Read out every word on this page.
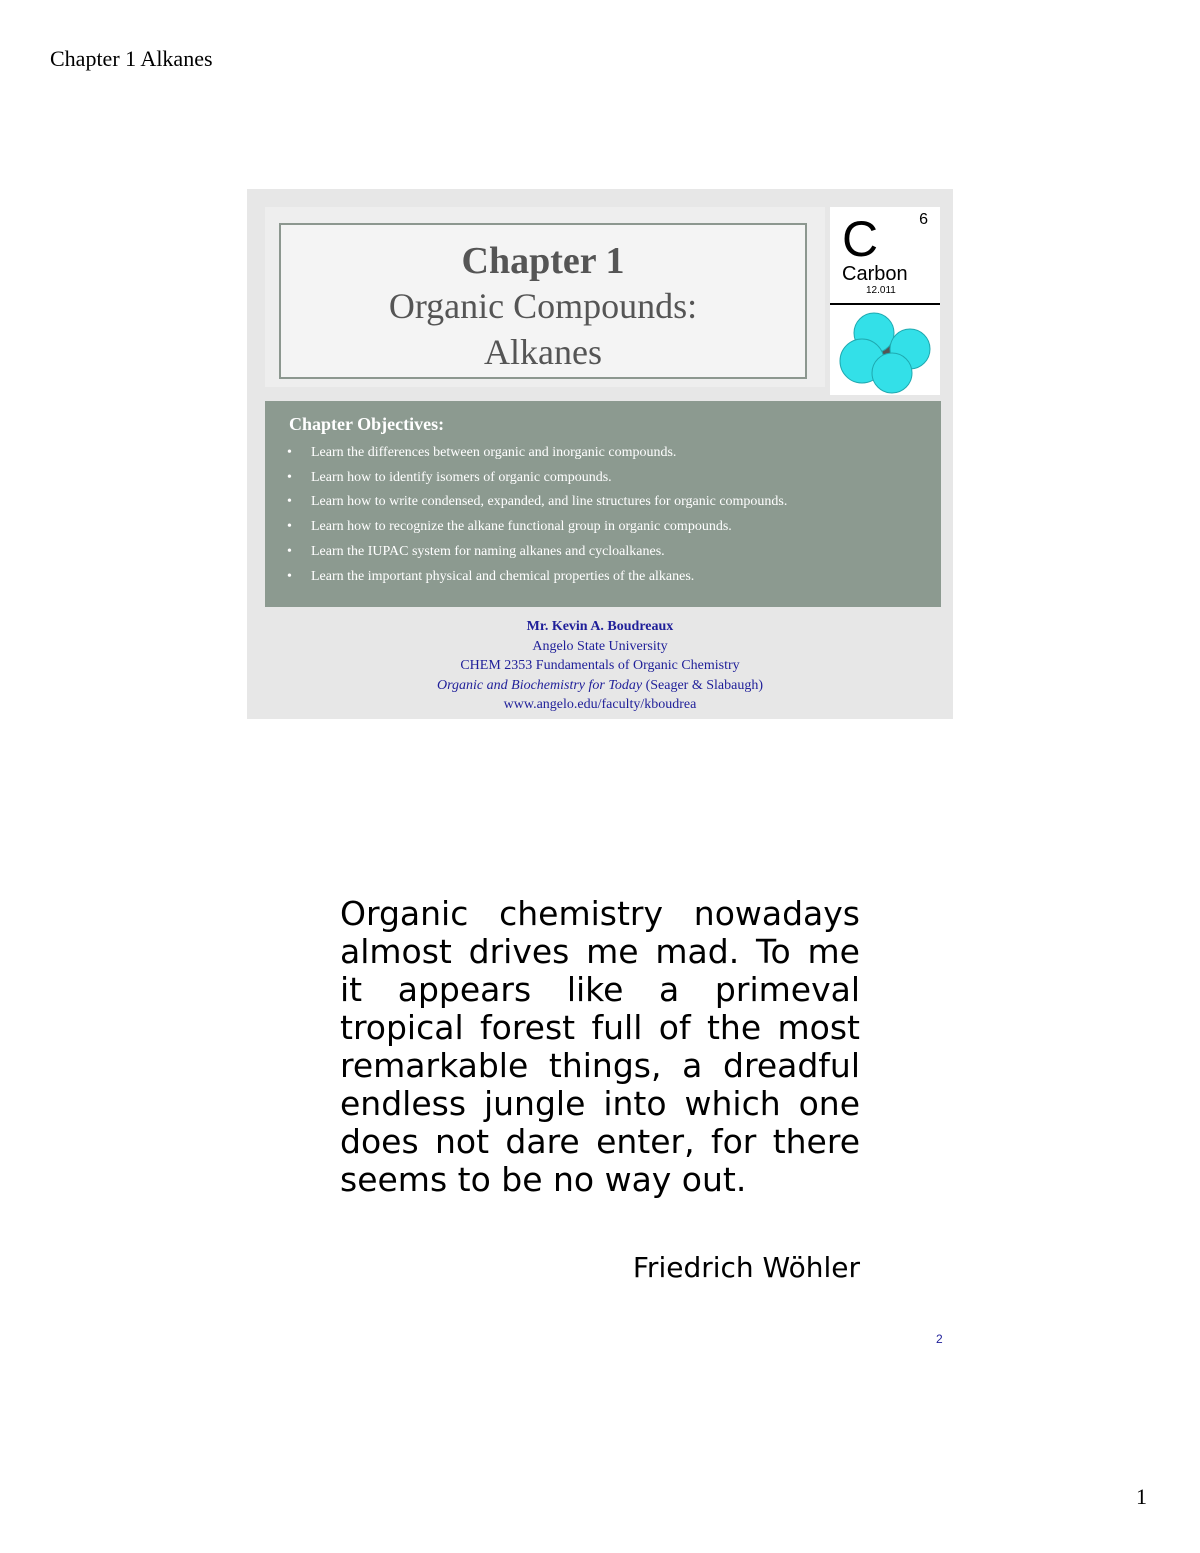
Chapter 1 Alkanes
Chapter 1
Organic Compounds:
Alkanes
C	6
Carbon
12.011
Chapter Objectives:
• Learn the differences between organic and inorganic compounds.
• Learn how to identify isomers of organic compounds.
• Learn how to write condensed, expanded, and line structures for organic compounds.
• Learn how to recognize the alkane functional group in organic compounds.
• Learn the IUPAC system for naming alkanes and cycloalkanes.
• Learn the important physical and chemical properties of the alkanes.
Mr. Kevin A. Boudreaux
Angelo State University
CHEM 2353 Fundamentals of Organic Chemistry
Organic and Biochemistry for Today (Seager & Slabaugh)
www.angelo.edu/faculty/kboudrea
Organic chemistry nowadays almost drives me mad. To me it appears like a primeval tropical forest full of the most remarkable things, a dreadful endless jungle into which one does not dare enter, for there seems to be no way out.
Friedrich Wöhler
2
1
